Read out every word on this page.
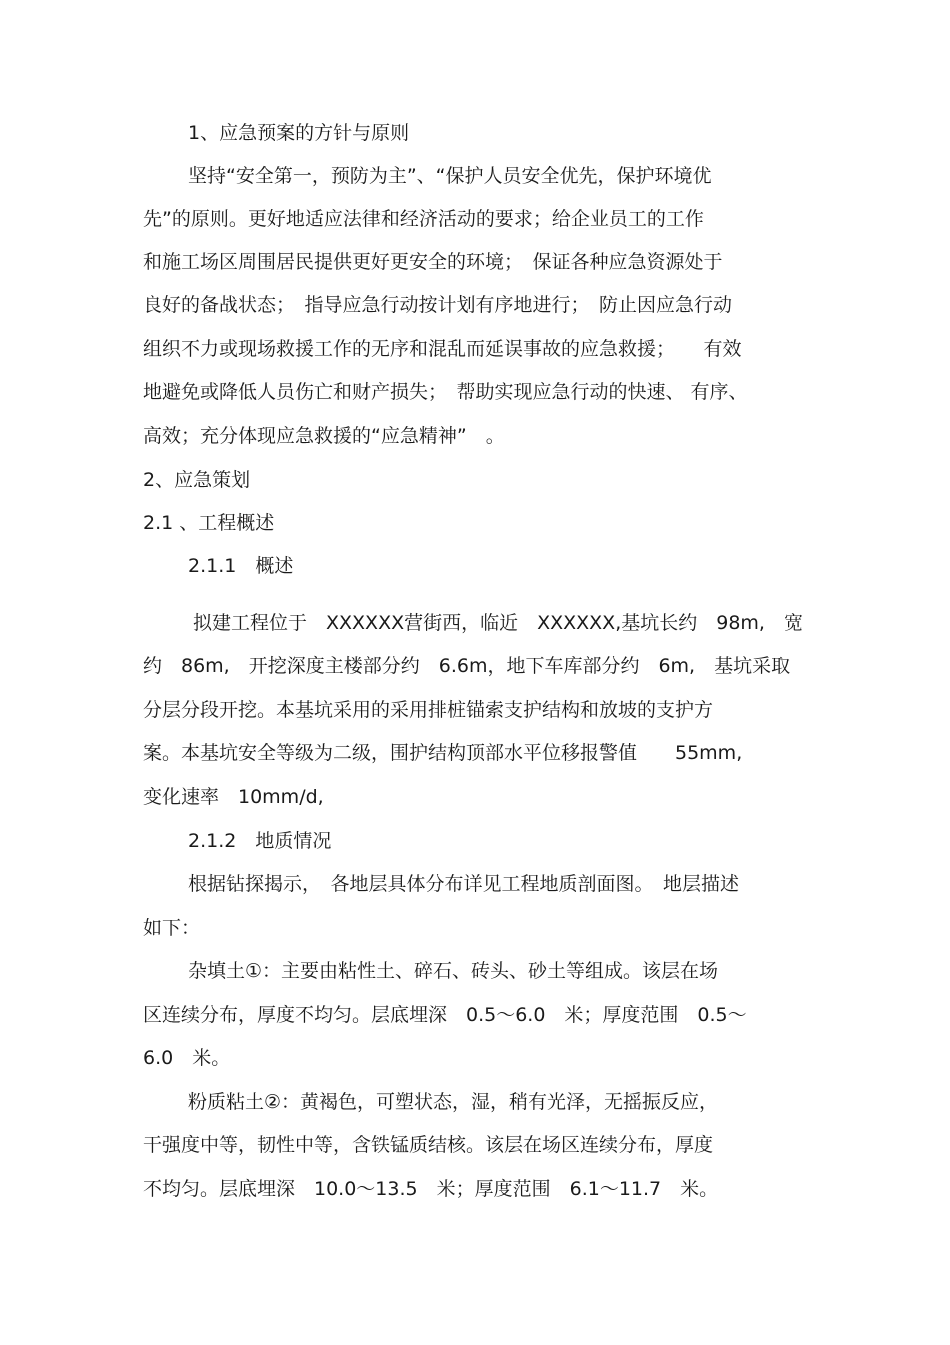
1、应急预案的方针与原则
坚持“安全第一，预防为主”、“保护人员安全优先，保护环境优
先”的原则。更好地适应法律和经济活动的要求；给企业员工的工作
和施工场区周围居民提供更好更安全的环境；　保证各种应急资源处于
良好的备战状态；　指导应急行动按计划有序地进行；　防止因应急行动
组织不力或现场救援工作的无序和混乱而延误事故的应急救援；　　有效
地避免或降低人员伤亡和财产损失；　帮助实现应急行动的快速、 有序、
高效；充分体现应急救援的“应急精神”　。
2、应急策划
2.1 、工程概述
2.1.1　概述
拟建工程位于　XXXXXX营街西，临近　XXXXXX,基坑长约　98m,　宽
约　86m,　开挖深度主楼部分约　6.6m，地下车库部分约　6m,　基坑采取
分层分段开挖。本基坑采用的采用排桩锚索支护结构和放坡的支护方
案。本基坑安全等级为二级，围护结构顶部水平位移报警值　　55mm,
变化速率　10mm/d,
2.1.2　地质情况
根据钻探揭示，　各地层具体分布详见工程地质剖面图。　地层描述
如下：
杂填土①：主要由粘性土、碎石、砖头、砂土等组成。该层在场
区连续分布，厚度不均匀。层底埋深　0.5～6.0　米；厚度范围　0.5～
6.0　米。
粉质粘土②：黄褐色，可塑状态，湿，稍有光泽，无摇振反应，
干强度中等，韧性中等，含铁锰质结核。该层在场区连续分布，厚度
不均匀。层底埋深　10.0～13.5　米；厚度范围　6.1～11.7　米。
